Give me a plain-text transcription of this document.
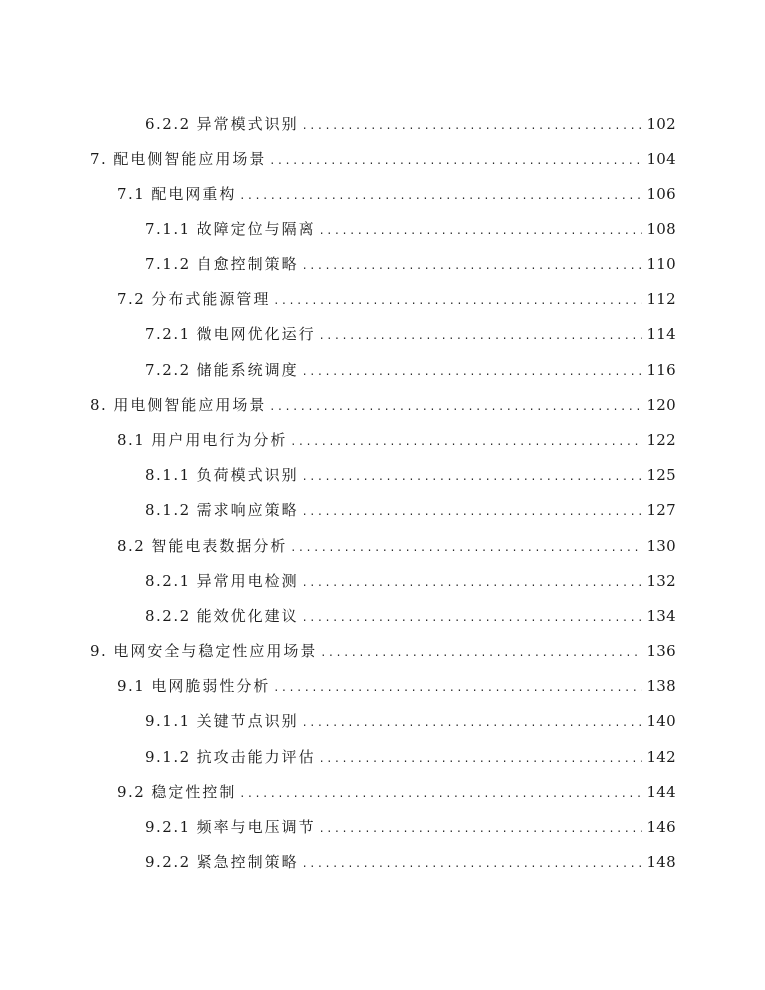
6.2.2 异常模式识别 . . .	102
7. 配电侧智能应用场景 . . .	104
7.1 配电网重构 . . .	106
7.1.1 故障定位与隔离 . . .	108
7.1.2 自愈控制策略 . . .	110
7.2 分布式能源管理 . . .	112
7.2.1 微电网优化运行 . . .	114
7.2.2 储能系统调度 . . .	116
8. 用电侧智能应用场景 . . .	120
8.1 用户用电行为分析 . . .	122
8.1.1 负荷模式识别 . . .	125
8.1.2 需求响应策略 . . .	127
8.2 智能电表数据分析 . . .	130
8.2.1 异常用电检测 . . .	132
8.2.2 能效优化建议 . . .	134
9. 电网安全与稳定性应用场景 . . .	136
9.1 电网脆弱性分析 . . .	138
9.1.1 关键节点识别 . . .	140
9.1.2 抗攻击能力评估 . . .	142
9.2 稳定性控制 . . .	144
9.2.1 频率与电压调节 . . .	146
9.2.2 紧急控制策略 . . .	148
